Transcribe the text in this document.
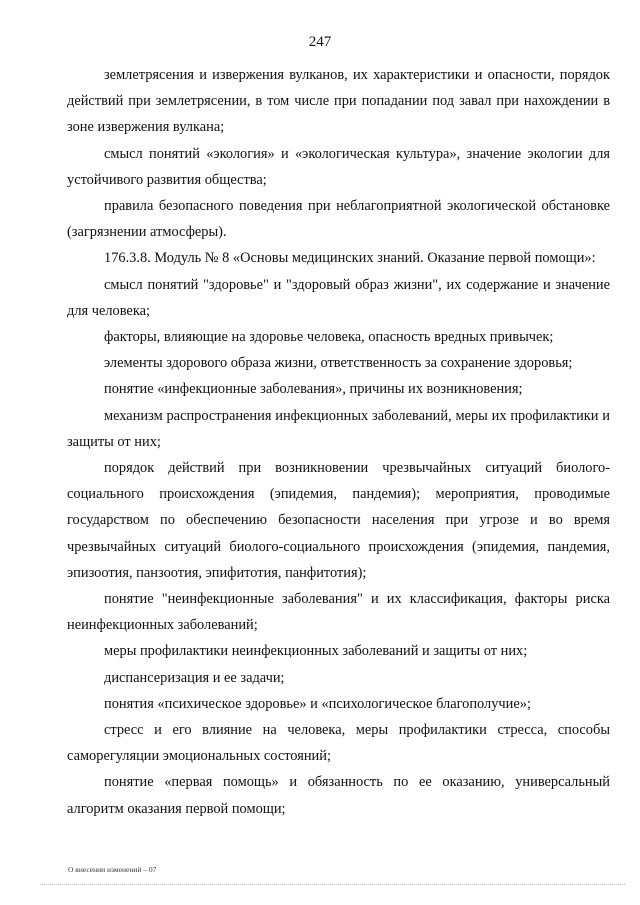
247

землетрясения и извержения вулканов, их характеристики и опасности, порядок действий при землетрясении, в том числе при попадании под завал при нахождении в зоне извержения вулкана;

смысл понятий «экология» и «экологическая культура», значение экологии для устойчивого развития общества;

правила безопасного поведения при неблагоприятной экологической обстановке (загрязнении атмосферы).

176.3.8. Модуль № 8 «Основы медицинских знаний. Оказание первой помощи»:

смысл понятий "здоровье" и "здоровый образ жизни", их содержание и значение для человека;

факторы, влияющие на здоровье человека, опасность вредных привычек;

элементы здорового образа жизни, ответственность за сохранение здоровья;

понятие «инфекционные заболевания», причины их возникновения;

механизм распространения инфекционных заболеваний, меры их профилактики и защиты от них;

порядок действий при возникновении чрезвычайных ситуаций биолого-социального происхождения (эпидемия, пандемия); мероприятия, проводимые государством по обеспечению безопасности населения при угрозе и во время чрезвычайных ситуаций биолого-социального происхождения (эпидемия, пандемия, эпизоотия, панзоотия, эпифитотия, панфитотия);

понятие "неинфекционные заболевания" и их классификация, факторы риска неинфекционных заболеваний;

меры профилактики неинфекционных заболеваний и защиты от них;

диспансеризация и ее задачи;

понятия «психическое здоровье» и «психологическое благополучие»;

стресс и его влияние на человека, меры профилактики стресса, способы саморегуляции эмоциональных состояний;

понятие «первая помощь» и обязанность по ее оказанию, универсальный алгоритм оказания первой помощи;

О внесении изменений – 07
